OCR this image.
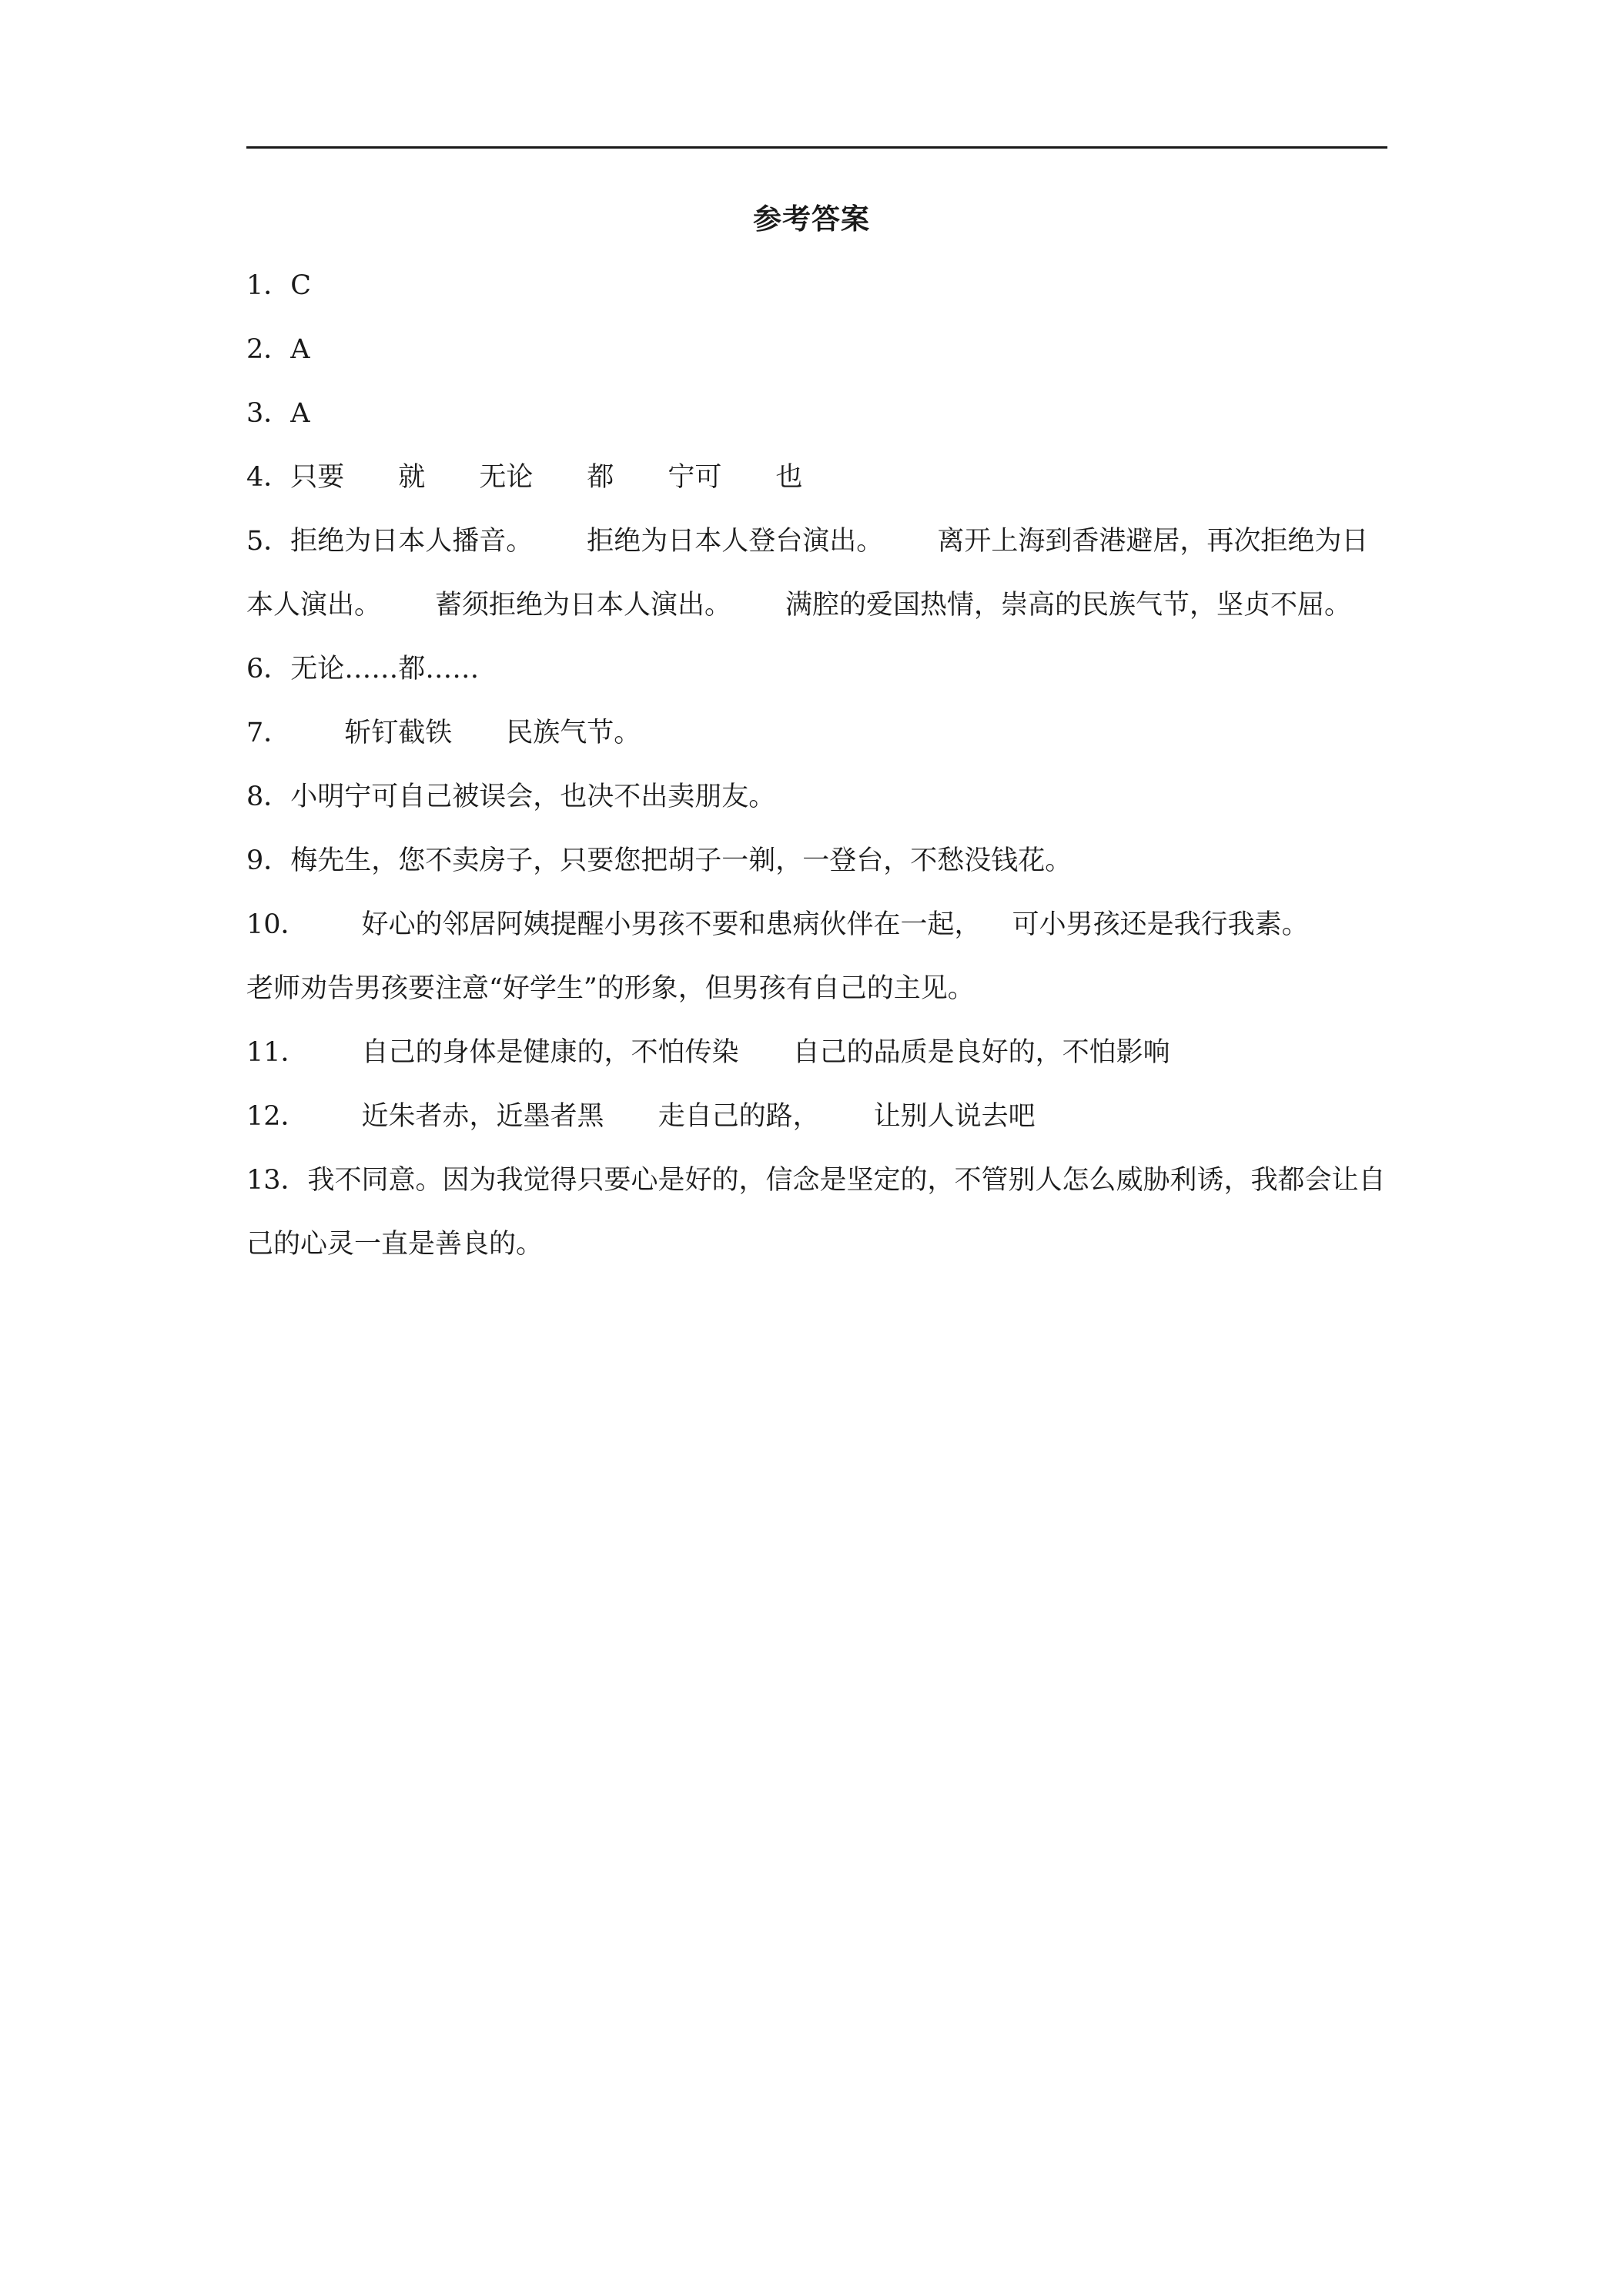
参考答案
1．C
2．A
3．A
4．只要 就 无论 都 宁可 也
5．拒绝为日本人播音。 拒绝为日本人登台演出。 离开上海到香港避居，再次拒绝为日本人演出。 蓄须拒绝为日本人演出。 满腔的爱国热情，崇高的民族气节，坚贞不屈。
6．无论……都……
7． 斩钉截铁 民族气节。
8．小明宁可自己被误会，也决不出卖朋友。
9．梅先生，您不卖房子，只要您把胡子一剃，一登台，不愁没钱花。
10． 好心的邻居阿姨提醒小男孩不要和患病伙伴在一起， 可小男孩还是我行我素。
老师劝告男孩要注意“好学生”的形象，但男孩有自己的主见。
11． 自己的身体是健康的，不怕传染 自己的品质是良好的，不怕影响
12． 近朱者赤，近墨者黑 走自己的路， 让别人说去吧
13．我不同意。因为我觉得只要心是好的，信念是坚定的，不管别人怎么威胁利诱，我都会让自己的心灵一直是善良的。
